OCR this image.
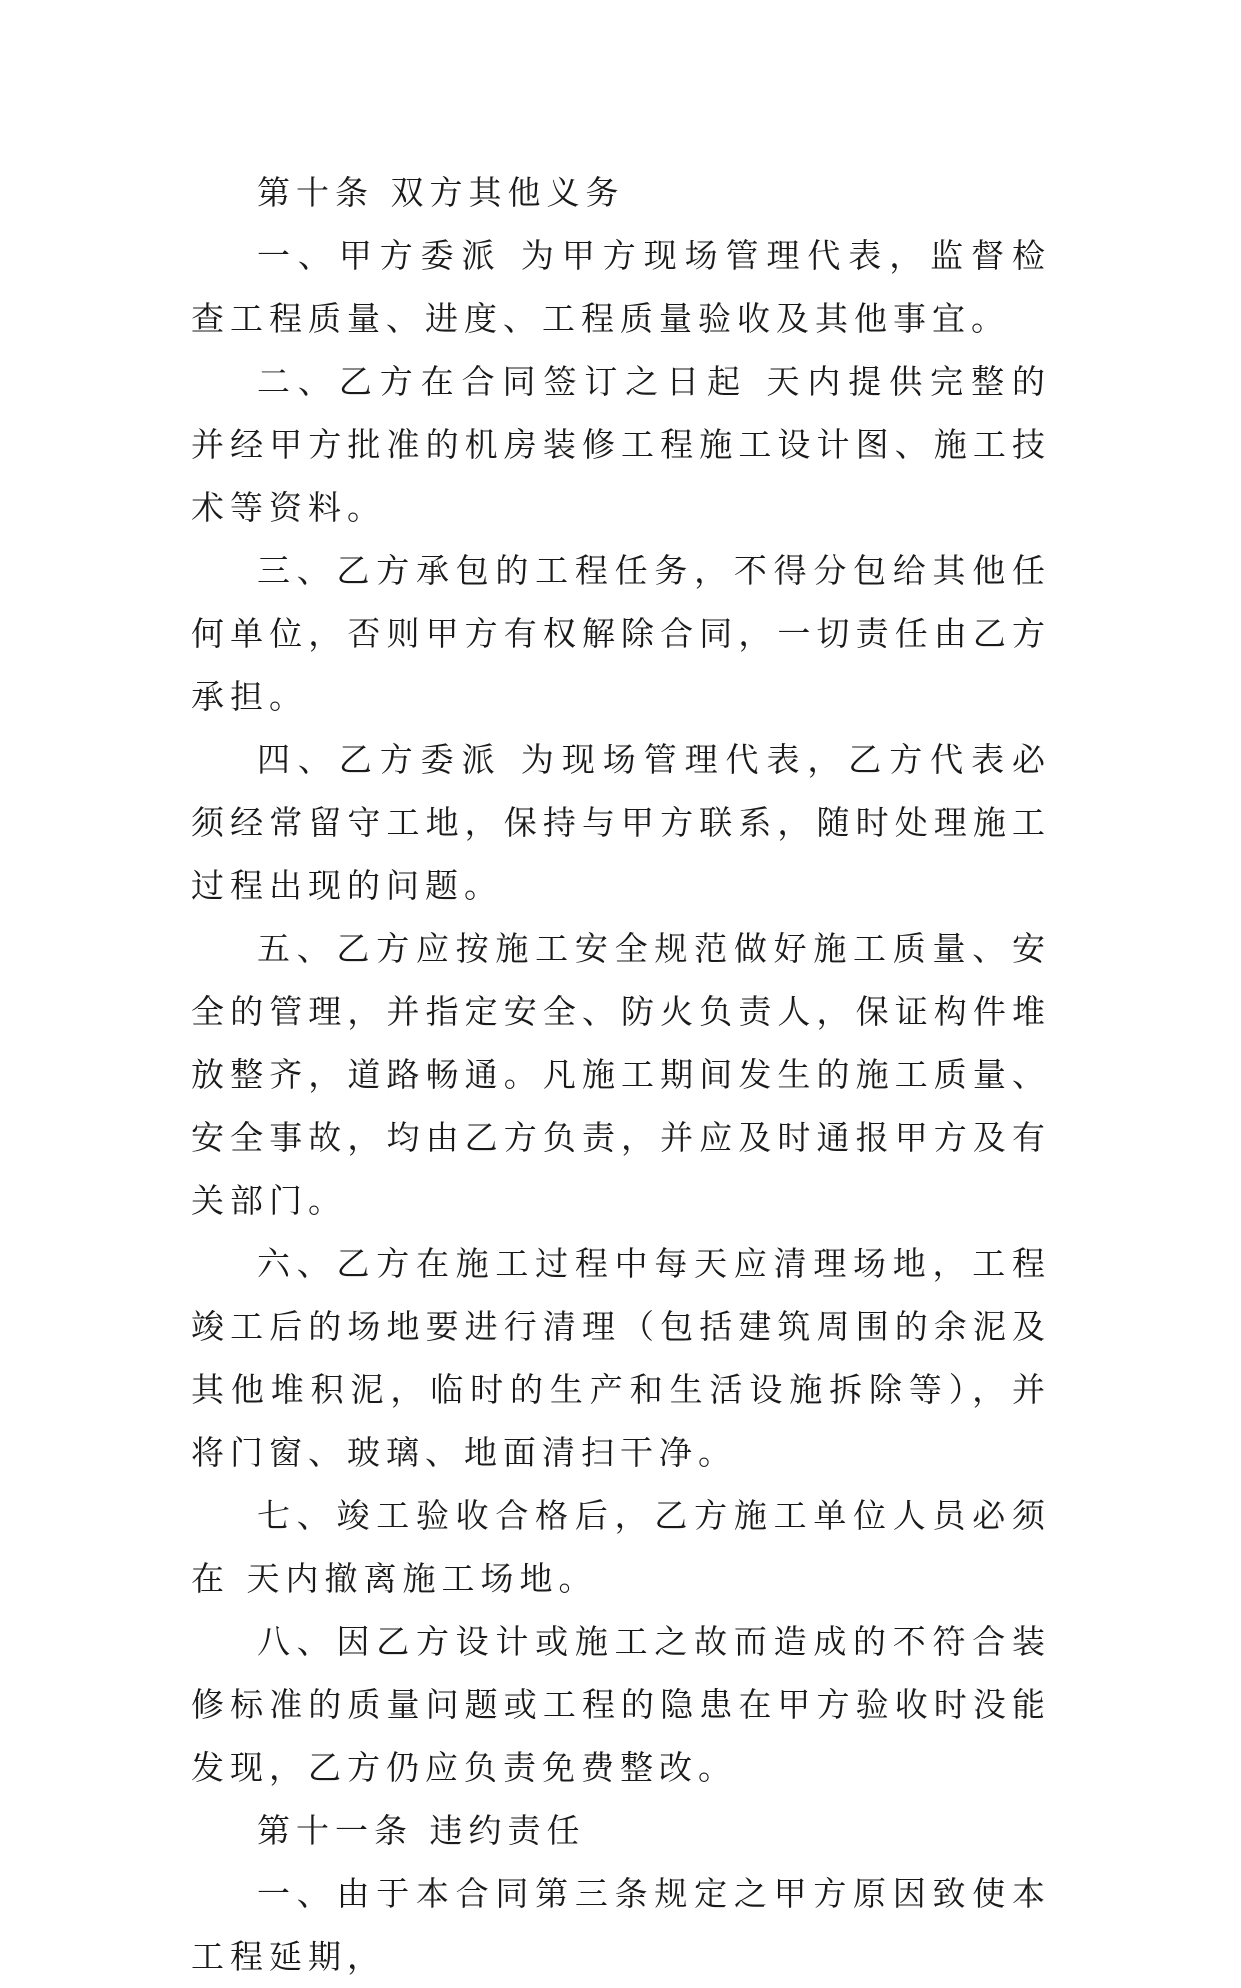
第十条 双方其他义务

一、甲方委派 为甲方现场管理代表，监督检查工程质量、进度、工程质量验收及其他事宜。

二、乙方在合同签订之日起 天内提供完整的并经甲方批准的机房装修工程施工设计图、施工技术等资料。

三、乙方承包的工程任务，不得分包给其他任何单位，否则甲方有权解除合同，一切责任由乙方承担。

四、乙方委派 为现场管理代表，乙方代表必须经常留守工地，保持与甲方联系，随时处理施工过程出现的问题。

五、乙方应按施工安全规范做好施工质量、安全的管理，并指定安全、防火负责人，保证构件堆放整齐，道路畅通。凡施工期间发生的施工质量、安全事故，均由乙方负责，并应及时通报甲方及有关部门。

六、乙方在施工过程中每天应清理场地，工程竣工后的场地要进行清理（包括建筑周围的余泥及其他堆积泥，临时的生产和生活设施拆除等），并将门窗、玻璃、地面清扫干净。

七、竣工验收合格后，乙方施工单位人员必须在 天内撤离施工场地。

八、因乙方设计或施工之故而造成的不符合装修标准的质量问题或工程的隐患在甲方验收时没能发现，乙方仍应负责免费整改。

第十一条 违约责任

一、由于本合同第三条规定之甲方原因致使本工程延期，
